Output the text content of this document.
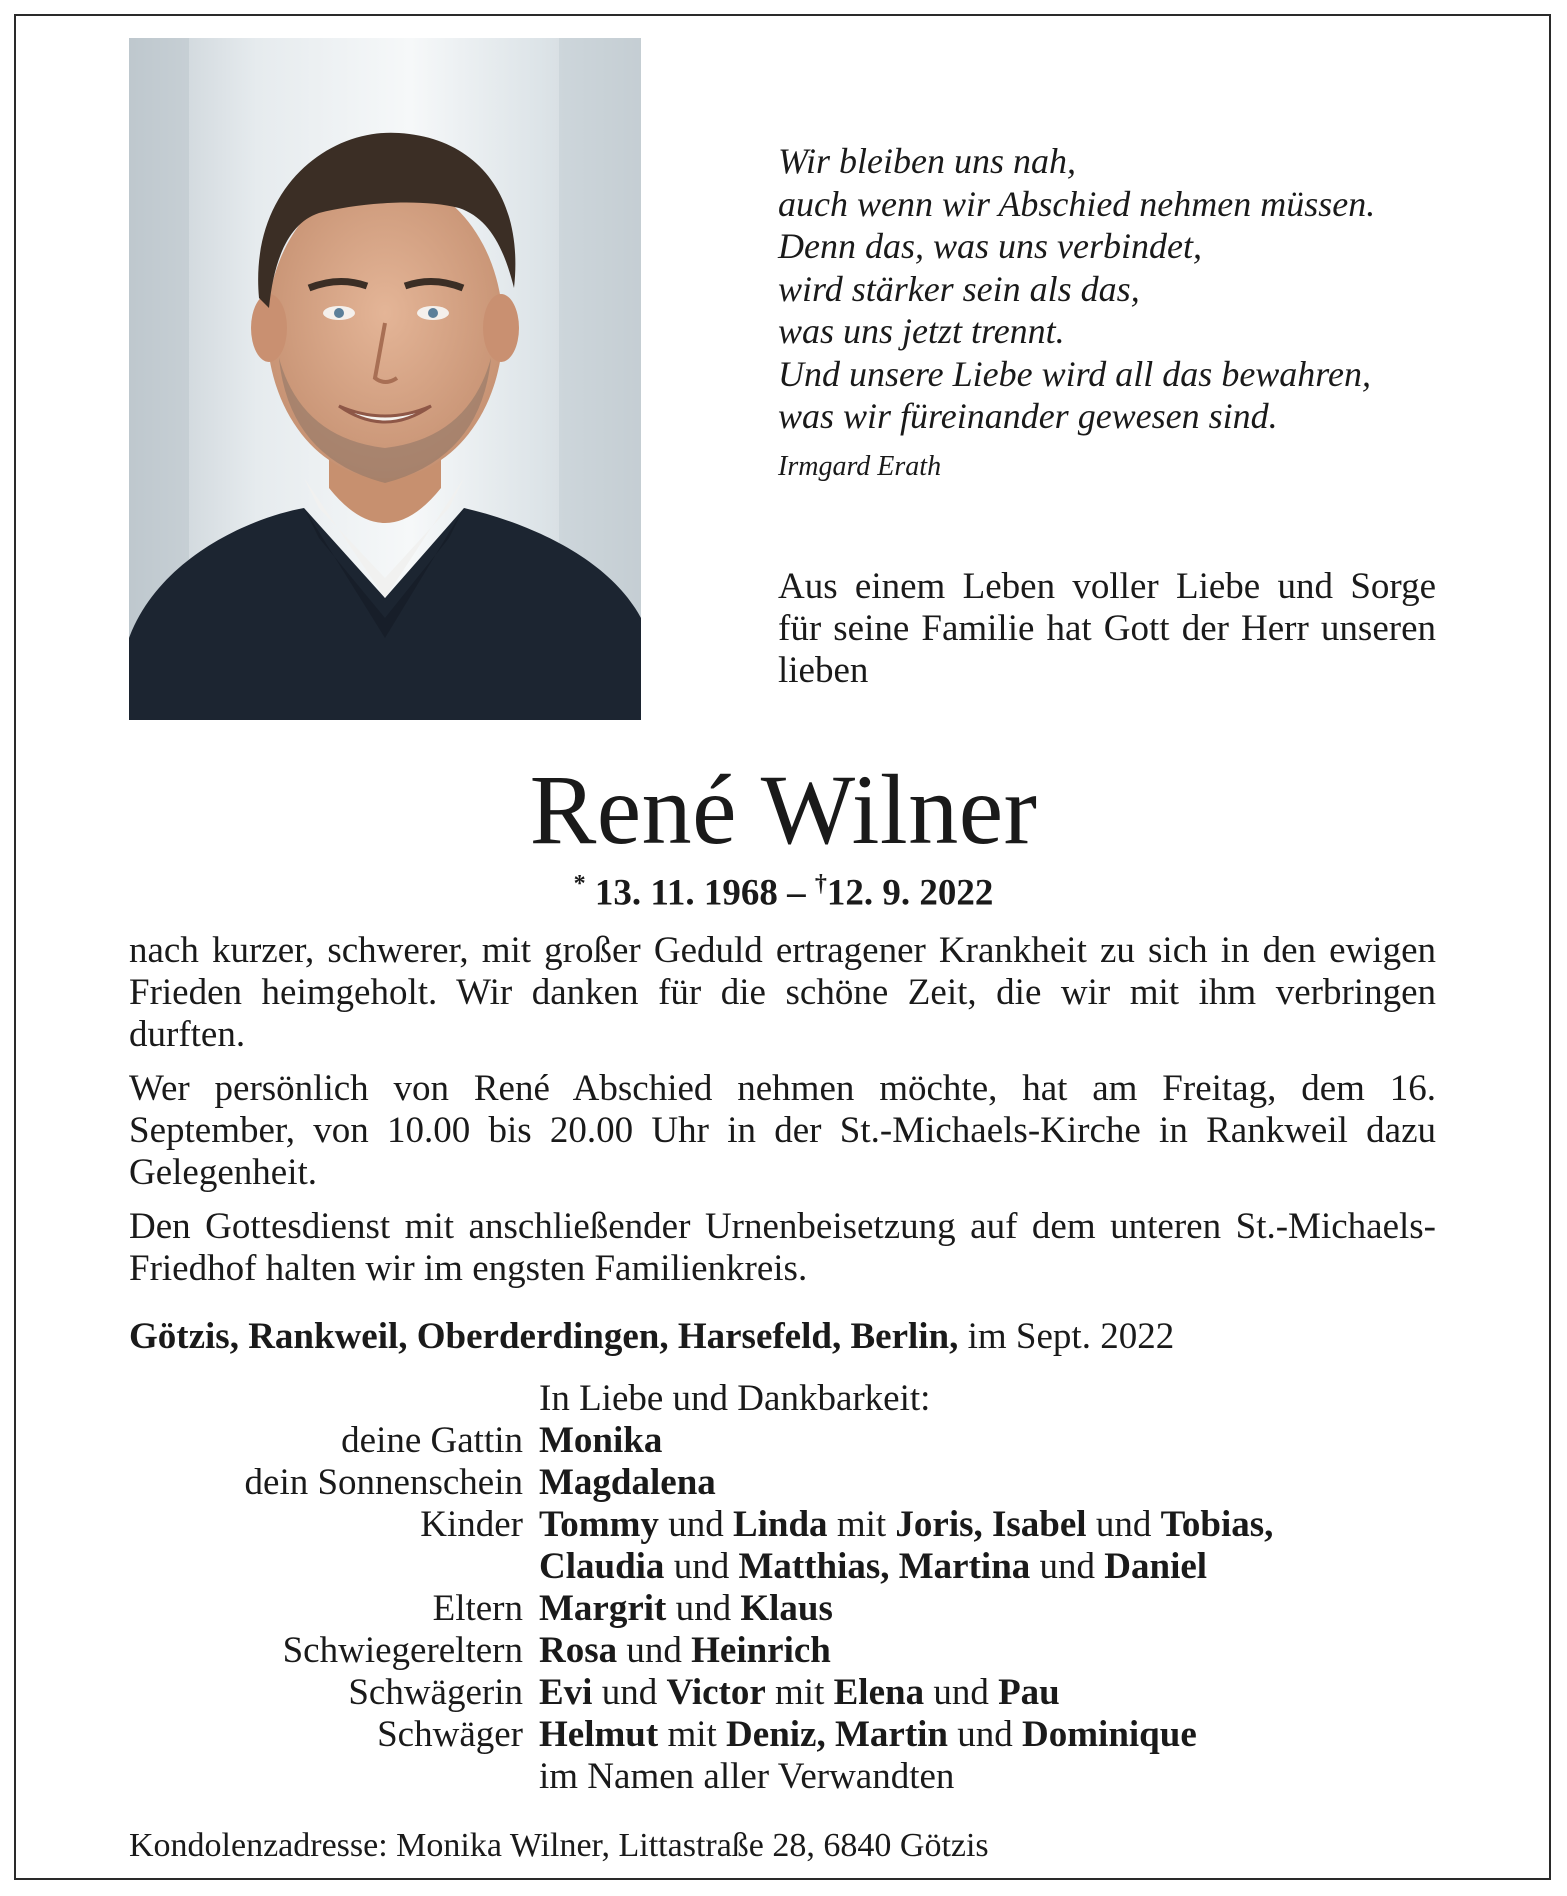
Wir bleiben uns nah,
auch wenn wir Abschied nehmen müssen.
Denn das, was uns verbindet,
wird stärker sein als das,
was uns jetzt trennt.
Und unsere Liebe wird all das bewahren,
was wir füreinander gewesen sind.
Irmgard Erath
Aus einem Leben voller Liebe und Sorge für seine Familie hat Gott der Herr unseren lieben
René Wilner
* 13. 11. 1968 – †12. 9. 2022

nach kurzer, schwerer, mit großer Geduld ertragener Krankheit zu sich in den ewigen Frieden heimgeholt. Wir danken für die schöne Zeit, die wir mit ihm verbringen durften.

Wer persönlich von René Abschied nehmen möchte, hat am Freitag, dem 16. September, von 10.00 bis 20.00 Uhr in der St.-Michaels-Kirche in Rankweil dazu Gelegenheit.

Den Gottesdienst mit anschließender Urnenbeisetzung auf dem unteren St.-Michaels-Friedhof halten wir im engsten Familienkreis.

Götzis, Rankweil, Oberderdingen, Harsefeld, Berlin, im Sept. 2022
In Liebe und Dankbarkeit:
deine Gattin Monika
dein Sonnenschein Magdalena
Kinder Tommy und Linda mit Joris, Isabel und Tobias,
Claudia und Matthias, Martina und Daniel
Eltern Margrit und Klaus
Schwiegereltern Rosa und Heinrich
Schwägerin Evi und Victor mit Elena und Pau
Schwäger Helmut mit Deniz, Martin und Dominique
im Namen aller Verwandten
Kondolenzadresse: Monika Wilner, Littastraße 28, 6840 Götzis
